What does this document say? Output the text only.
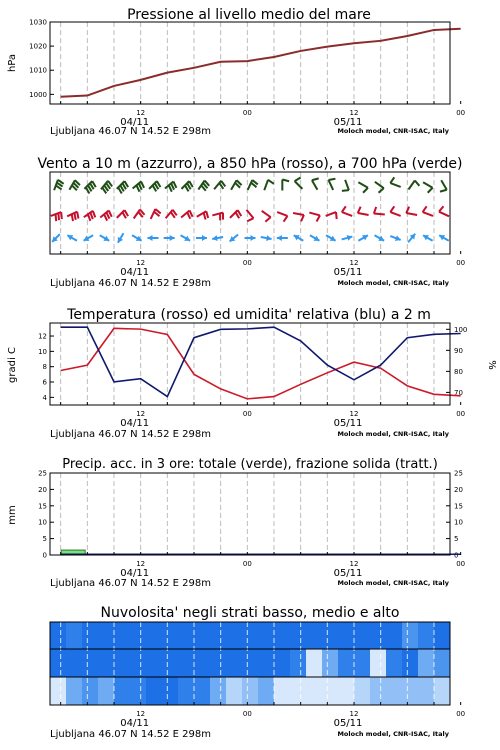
Pressione al livello medio del mare
hPa
1000
1010
1020
1030
12
04/11
00	12
05/11
00
Ljubljana 46.07 N 14.52 E 298m	Moloch model, CNR-ISAC, Italy
Vento a 10 m (azzurro), a 850 hPa (rosso), a 700 hPa (verde)
12
04/11
00	12
05/11
00
Ljubljana 46.07 N 14.52 E 298m	Moloch model, CNR-ISAC, Italy
Temperatura (rosso) ed umidita' relativa (blu) a 2 m
gradi C	%
4
6
8
10
12
70
80
90
100
12
04/11
00	12
05/11
00
Ljubljana 46.07 N 14.52 E 298m	Moloch model, CNR-ISAC, Italy
Precip. acc. in 3 ore: totale (verde), frazione solida (tratt.)
mm
0
5
10
15
20
25
0
5
10
15
20
25
12
04/11
00	12
05/11
00
Ljubljana 46.07 N 14.52 E 298m	Moloch model, CNR-ISAC, Italy
Nuvolosita' negli strati basso, medio e alto
12
04/11
00	12
05/11
00
Ljubljana 46.07 N 14.52 E 298m	Moloch model, CNR-ISAC, Italy
